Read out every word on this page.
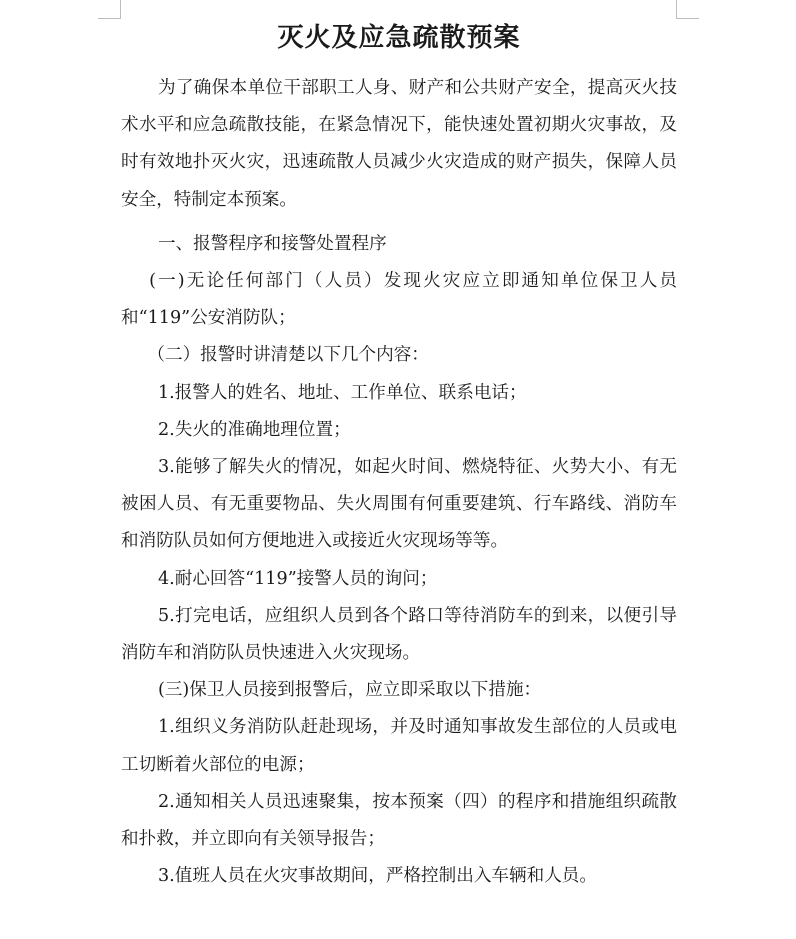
灭火及应急疏散预案

为了确保本单位干部职工人身、财产和公共财产安全，提高灭火技术水平和应急疏散技能，在紧急情况下，能快速处置初期火灾事故，及时有效地扑灭火灾，迅速疏散人员减少火灾造成的财产损失，保障人员安全，特制定本预案。

一、报警程序和接警处置程序

(一)无论任何部门（人员）发现火灾应立即通知单位保卫人员和“119”公安消防队；

（二）报警时讲清楚以下几个内容：

1.报警人的姓名、地址、工作单位、联系电话；

2.失火的准确地理位置；

3.能够了解失火的情况，如起火时间、燃烧特征、火势大小、有无被困人员、有无重要物品、失火周围有何重要建筑、行车路线、消防车和消防队员如何方便地进入或接近火灾现场等等。

4.耐心回答“119”接警人员的询问；

5.打完电话，应组织人员到各个路口等待消防车的到来，以便引导消防车和消防队员快速进入火灾现场。

(三)保卫人员接到报警后，应立即采取以下措施：

1.组织义务消防队赶赴现场，并及时通知事故发生部位的人员或电工切断着火部位的电源；

2.通知相关人员迅速聚集，按本预案（四）的程序和措施组织疏散和扑救，并立即向有关领导报告；

3.值班人员在火灾事故期间，严格控制出入车辆和人员。
